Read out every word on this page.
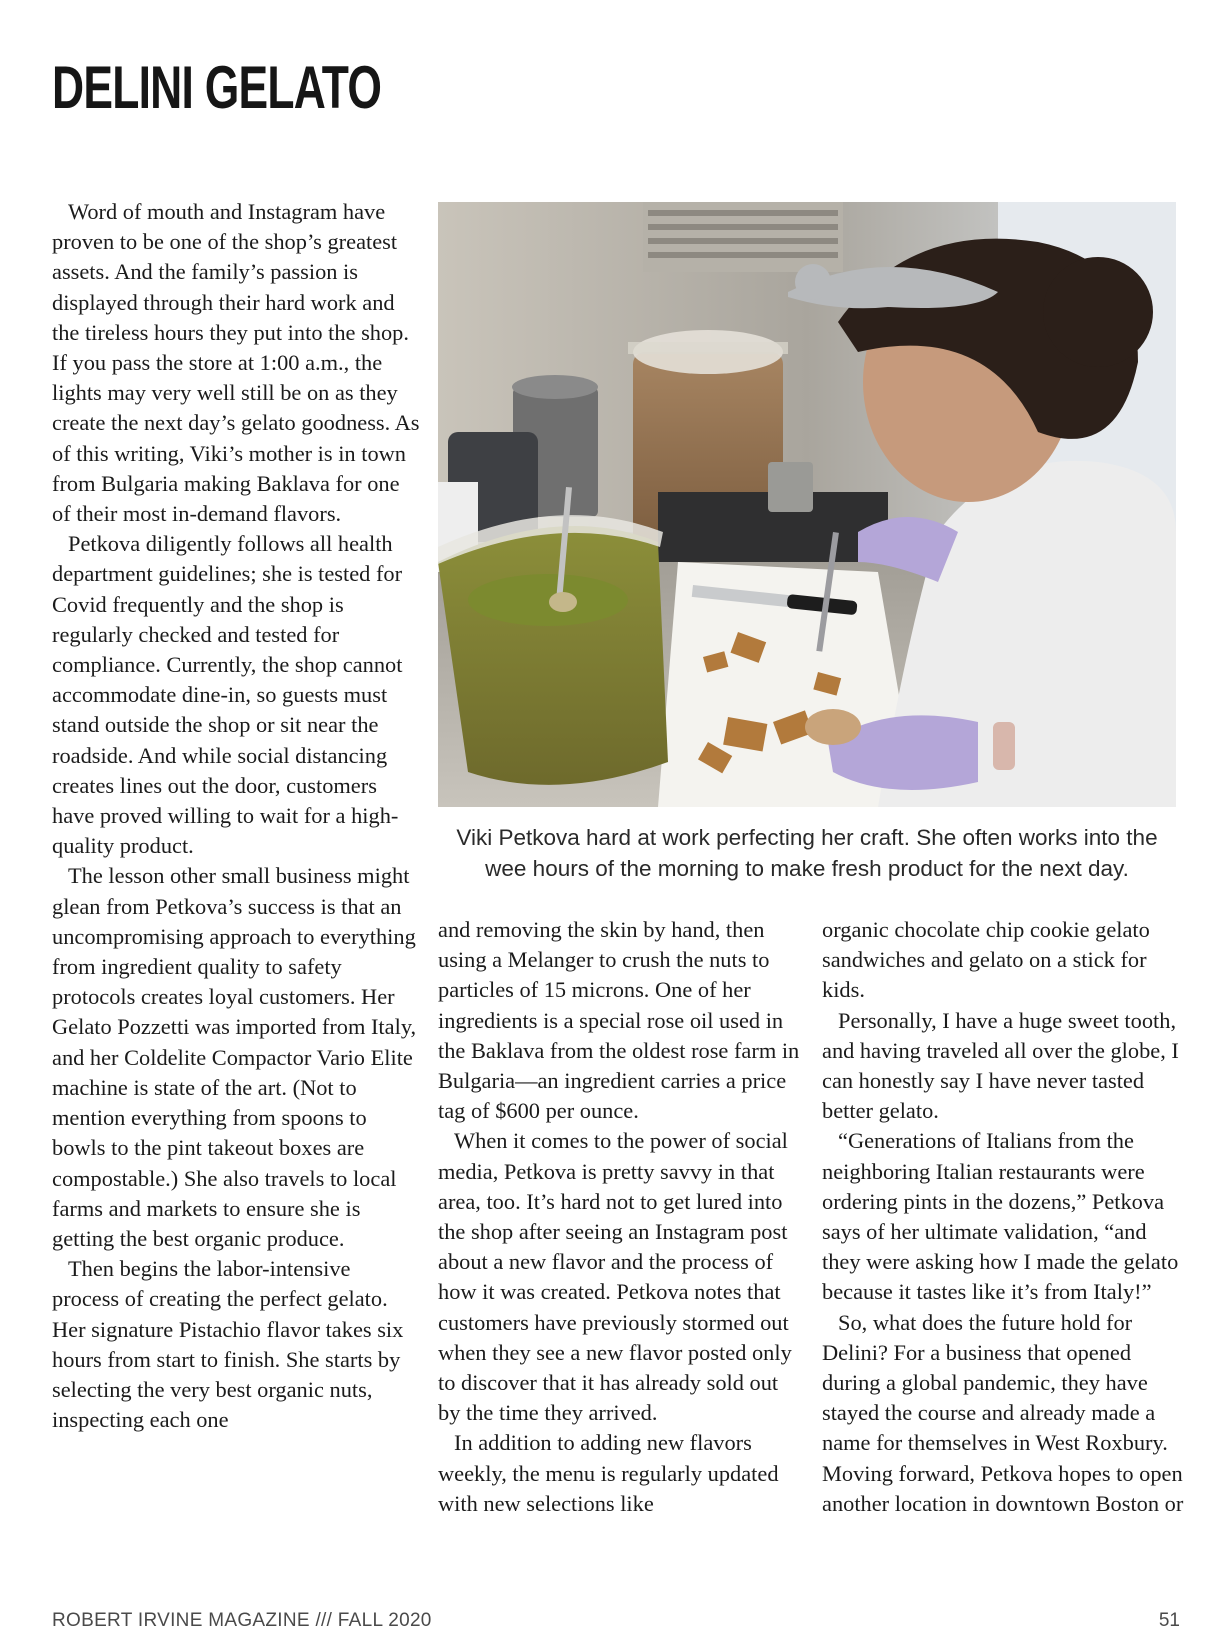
DELINI GELATO

Word of mouth and Instagram have proven to be one of the shop’s greatest assets. And the family’s passion is displayed through their hard work and the tireless hours they put into the shop. If you pass the store at 1:00 a.m., the lights may very well still be on as they create the next day’s gelato goodness. As of this writing, Viki’s mother is in town from Bulgaria making Baklava for one of their most in-demand flavors.

Petkova diligently follows all health department guidelines; she is tested for Covid frequently and the shop is regularly checked and tested for compliance. Currently, the shop cannot accommodate dine-in, so guests must stand outside the shop or sit near the roadside. And while social distancing creates lines out the door, customers have proved willing to wait for a high-quality product.

The lesson other small business might glean from Petkova’s success is that an uncompromising approach to everything from ingredient quality to safety protocols creates loyal customers. Her Gelato Pozzetti was imported from Italy, and her Coldelite Compactor Vario Elite machine is state of the art. (Not to mention everything from spoons to bowls to the pint takeout boxes are compostable.) She also travels to local farms and markets to ensure she is getting the best organic produce.

Then begins the labor-intensive process of creating the perfect gelato. Her signature Pistachio flavor takes six hours from start to finish. She starts by selecting the very best organic nuts, inspecting each one

Viki Petkova hard at work perfecting her craft. She often works into the wee hours of the morning to make fresh product for the next day.

and removing the skin by hand, then using a Melanger to crush the nuts to particles of 15 microns. One of her ingredients is a special rose oil used in the Baklava from the oldest rose farm in Bulgaria—an ingredient carries a price tag of $600 per ounce.

When it comes to the power of social media, Petkova is pretty savvy in that area, too. It’s hard not to get lured into the shop after seeing an Instagram post about a new flavor and the process of how it was created. Petkova notes that customers have previously stormed out when they see a new flavor posted only to discover that it has already sold out by the time they arrived.

In addition to adding new flavors weekly, the menu is regularly updated with new selections like

organic chocolate chip cookie gelato sandwiches and gelato on a stick for kids.

Personally, I have a huge sweet tooth, and having traveled all over the globe, I can honestly say I have never tasted better gelato.

“Generations of Italians from the neighboring Italian restaurants were ordering pints in the dozens,” Petkova says of her ultimate validation, “and they were asking how I made the gelato because it tastes like it’s from Italy!”

So, what does the future hold for Delini? For a business that opened during a global pandemic, they have stayed the course and already made a name for themselves in West Roxbury. Moving forward, Petkova hopes to open another location in downtown Boston or

ROBERT IRVINE MAGAZINE /// FALL 2020	51
